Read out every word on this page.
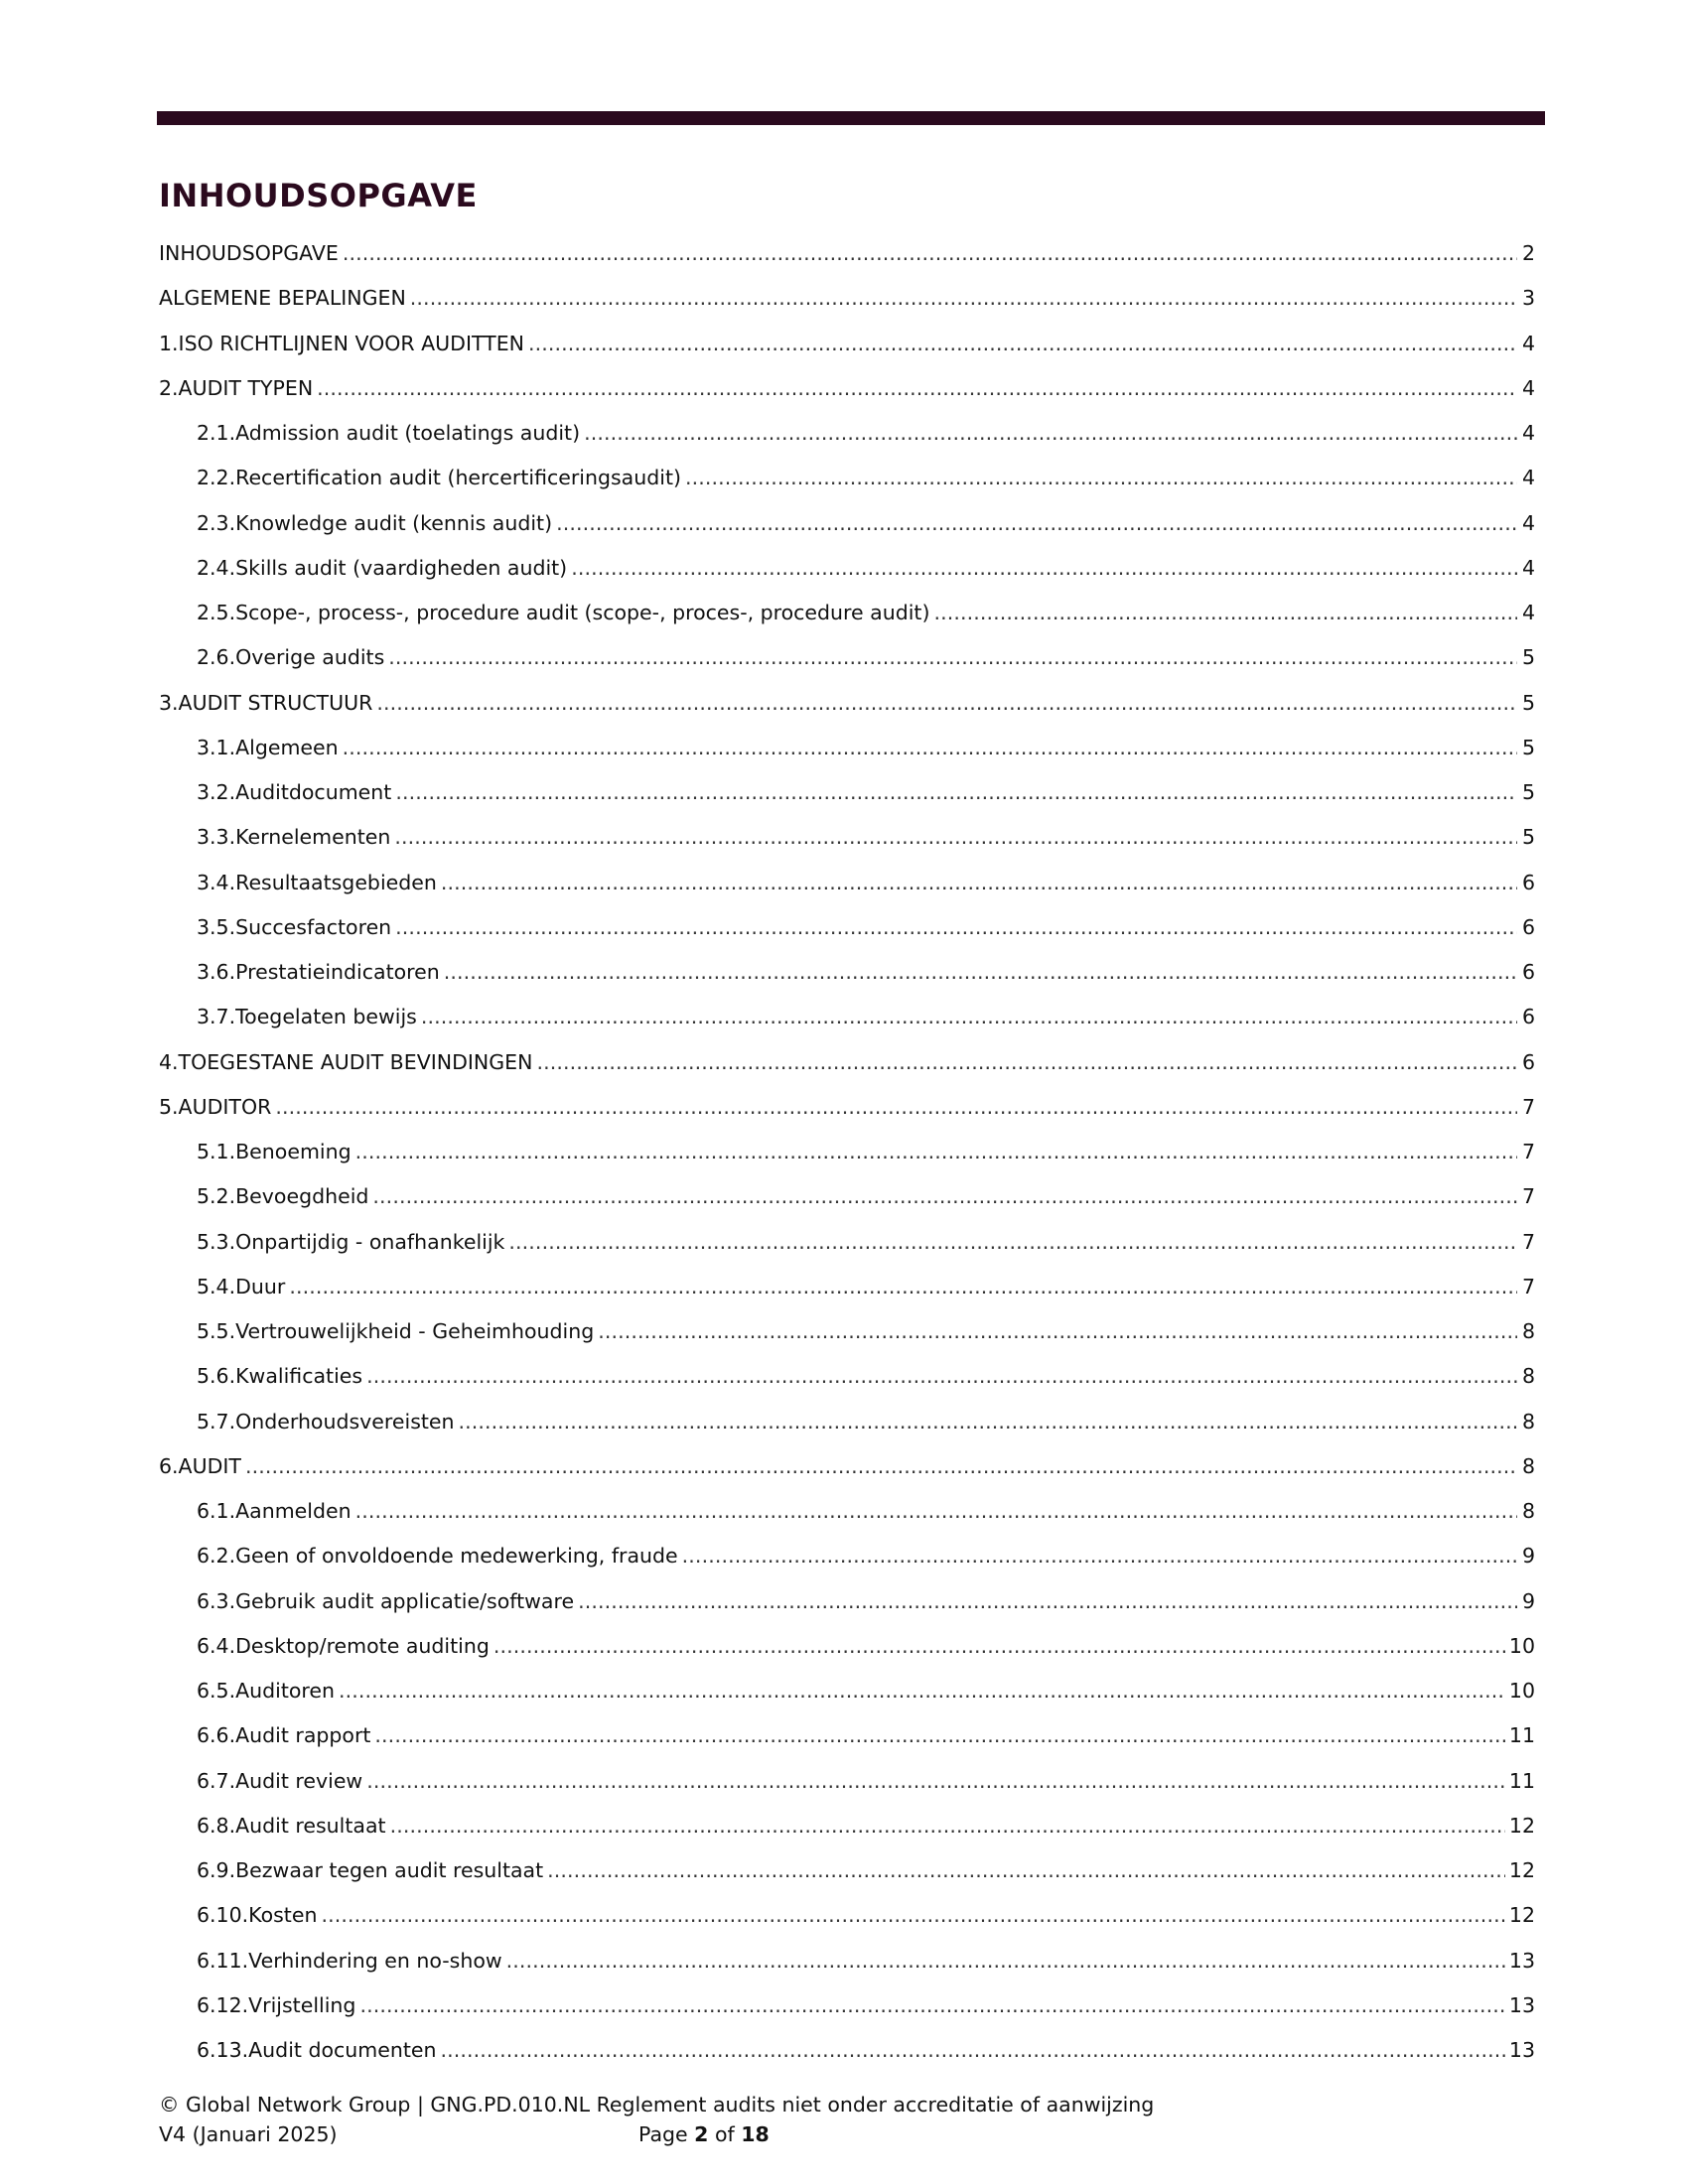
INHOUDSOPGAVE
INHOUDSOPGAVE . . .	2
ALGEMENE BEPALINGEN . . .	3
1.ISO RICHTLIJNEN VOOR AUDITTEN . . .	4
2.AUDIT TYPEN . . .	4
2.1.Admission audit (toelatings audit) . . .	4
2.2.Recertification audit (hercertificeringsaudit) . . .	4
2.3.Knowledge audit (kennis audit) . . .	4
2.4.Skills audit (vaardigheden audit) . . .	4
2.5.Scope-, process-, procedure audit (scope-, proces-, procedure audit) . . .	4
2.6.Overige audits . . .	5
3.AUDIT STRUCTUUR . . .	5
3.1.Algemeen . . .	5
3.2.Auditdocument . . .	5
3.3.Kernelementen . . .	5
3.4.Resultaatsgebieden . . .	6
3.5.Succesfactoren . . .	6
3.6.Prestatieindicatoren . . .	6
3.7.Toegelaten bewijs . . .	6
4.TOEGESTANE AUDIT BEVINDINGEN . . .	6
5.AUDITOR . . .	7
5.1.Benoeming . . .	7
5.2.Bevoegdheid . . .	7
5.3.Onpartijdig - onafhankelijk . . .	7
5.4.Duur . . .	7
5.5.Vertrouwelijkheid - Geheimhouding . . .	8
5.6.Kwalificaties . . .	8
5.7.Onderhoudsvereisten . . .	8
6.AUDIT . . .	8
6.1.Aanmelden . . .	8
6.2.Geen of onvoldoende medewerking, fraude . . .	9
6.3.Gebruik audit applicatie/software . . .	9
6.4.Desktop/remote auditing . . .	10
6.5.Auditoren . . .	10
6.6.Audit rapport . . .	11
6.7.Audit review . . .	11
6.8.Audit resultaat . . .	12
6.9.Bezwaar tegen audit resultaat . . .	12
6.10.Kosten . . .	12
6.11.Verhindering en no-show . . .	13
6.12.Vrijstelling . . .	13
6.13.Audit documenten . . .	13
© Global Network Group | GNG.PD.010.NL Reglement audits niet onder accreditatie of aanwijzing
V4 (Januari 2025)	Page 2 of 18
